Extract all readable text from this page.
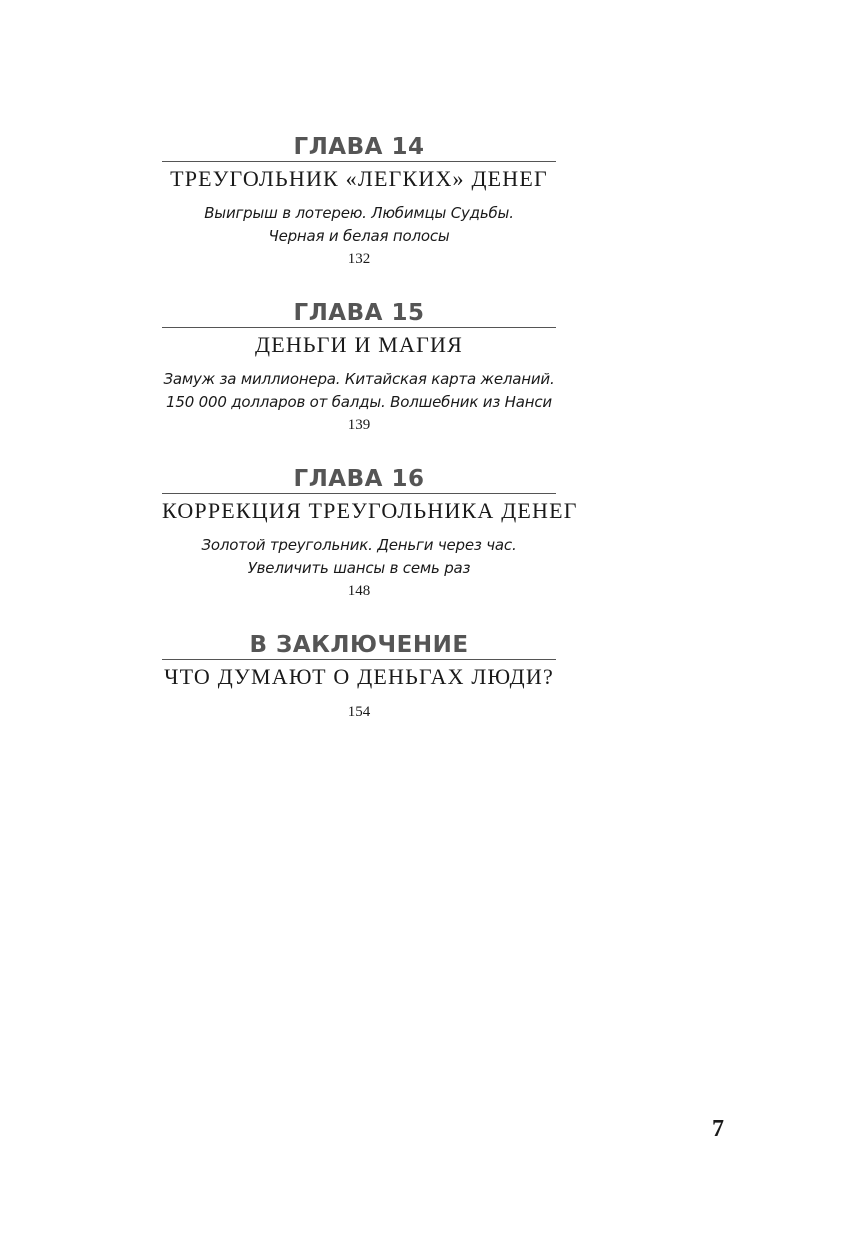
ГЛАВА 14
ТРЕУГОЛЬНИК «ЛЕГКИХ» ДЕНЕГ
Выигрыш в лотерею. Любимцы Судьбы.
Черная и белая полосы
132
ГЛАВА 15
ДЕНЬГИ И МАГИЯ
Замуж за миллионера. Китайская карта желаний.
150 000 долларов от балды. Волшебник из Нанси
139
ГЛАВА 16
КОРРЕКЦИЯ ТРЕУГОЛЬНИКА ДЕНЕГ
Золотой треугольник. Деньги через час.
Увеличить шансы в семь раз
148
В ЗАКЛЮЧЕНИЕ
ЧТО ДУМАЮТ О ДЕНЬГАХ ЛЮДИ?
154
7
